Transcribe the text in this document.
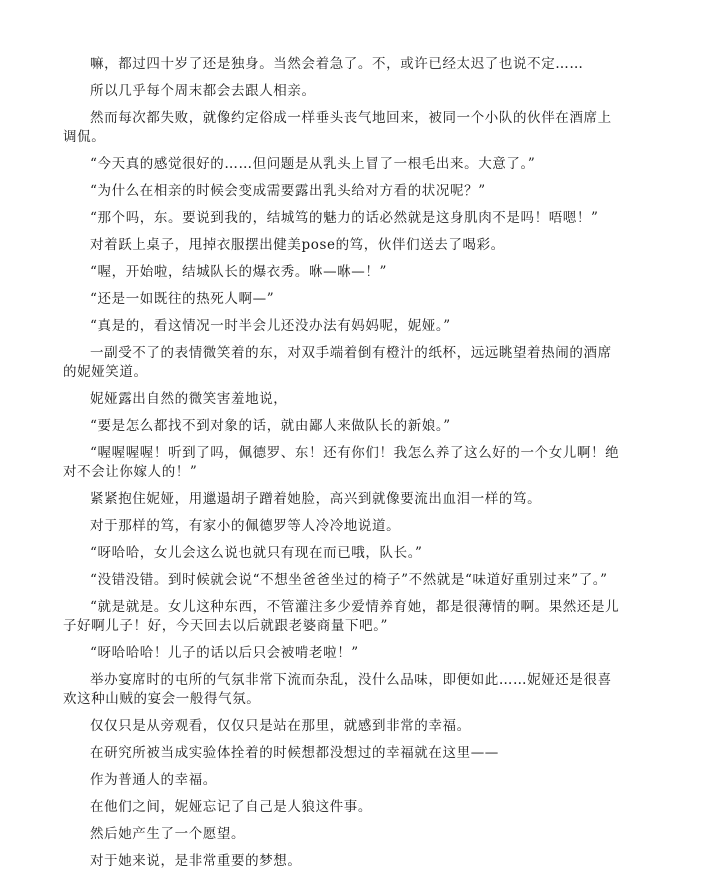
嘛，都过四十岁了还是独身。当然会着急了。不，或许已经太迟了也说不定……

所以几乎每个周末都会去跟人相亲。

然而每次都失败，就像约定俗成一样垂头丧气地回来，被同一个小队的伙伴在酒席上调侃。

“今天真的感觉很好的……但问题是从乳头上冒了一根毛出来。大意了。”

“为什么在相亲的时候会变成需要露出乳头给对方看的状况呢？”

“那个吗，东。要说到我的，结城笃的魅力的话必然就是这身肌肉不是吗！唔嗯！”

对着跃上桌子，甩掉衣服摆出健美pose的笃，伙伴们送去了喝彩。

“喔，开始啦，结城队长的爆衣秀。咻—咻—！”

“还是一如既往的热死人啊—”

“真是的，看这情况一时半会儿还没办法有妈妈呢，妮娅。”

一副受不了的表情微笑着的东，对双手端着倒有橙汁的纸杯，远远眺望着热闹的酒席的妮娅笑道。

妮娅露出自然的微笑害羞地说，

“要是怎么都找不到对象的话，就由鄙人来做队长的新娘。”

“喔喔喔喔！听到了吗，佩德罗、东！还有你们！我怎么养了这么好的一个女儿啊！绝对不会让你嫁人的！”

紧紧抱住妮娅，用邋遢胡子蹭着她脸，高兴到就像要流出血泪一样的笃。

对于那样的笃，有家小的佩德罗等人冷冷地说道。

“呀哈哈，女儿会这么说也就只有现在而已哦，队长。”

“没错没错。到时候就会说“不想坐爸爸坐过的椅子”不然就是“味道好重别过来”了。”

“就是就是。女儿这种东西，不管灌注多少爱情养育她，都是很薄情的啊。果然还是儿子好啊儿子！好，今天回去以后就跟老婆商量下吧。”

“呀哈哈哈！儿子的话以后只会被啃老啦！”

举办宴席时的屯所的气氛非常下流而杂乱，没什么品味，即便如此……妮娅还是很喜欢这种山贼的宴会一般得气氛。

仅仅只是从旁观看，仅仅只是站在那里，就感到非常的幸福。

在研究所被当成实验体拴着的时候想都没想过的幸福就在这里——

作为普通人的幸福。

在他们之间，妮娅忘记了自己是人狼这件事。

然后她产生了一个愿望。

对于她来说，是非常重要的梦想。
